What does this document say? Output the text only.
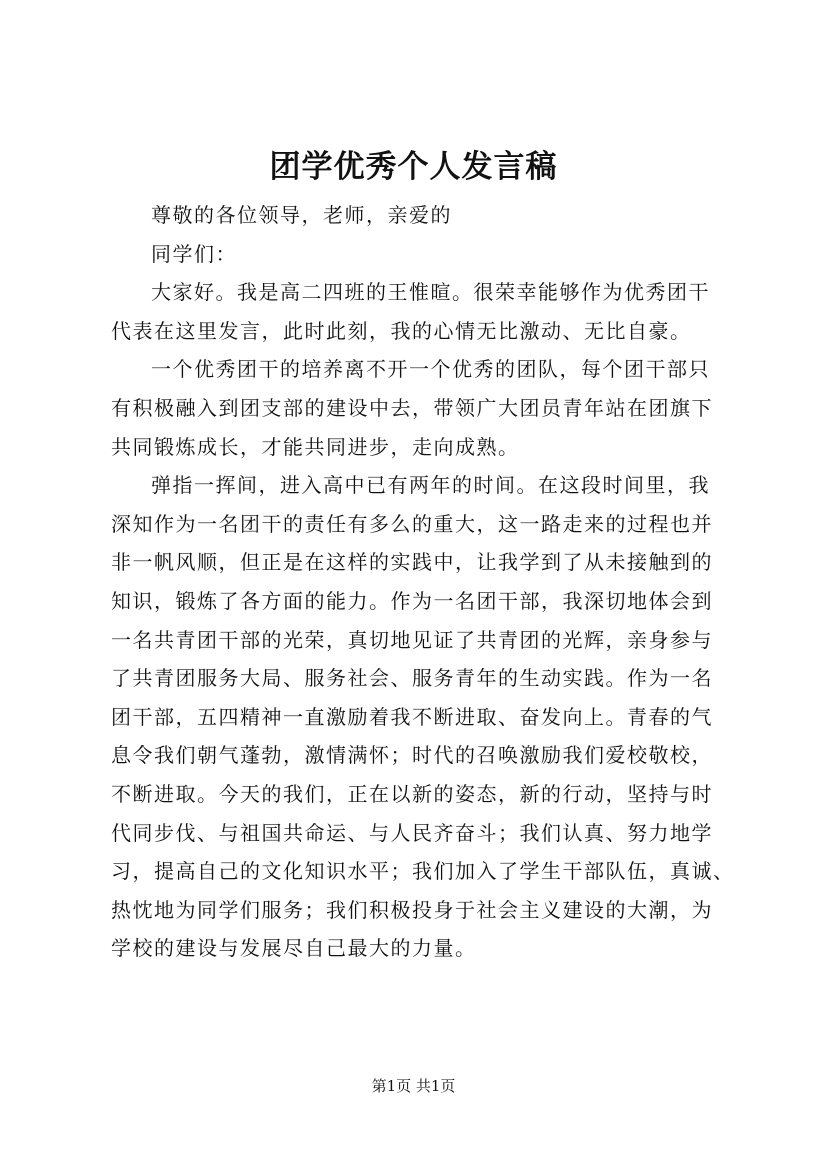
团学优秀个人发言稿

尊敬的各位领导，老师，亲爱的
同学们：

大家好。我是高二四班的王惟暄。很荣幸能够作为优秀团干
代表在这里发言，此时此刻，我的心情无比激动、无比自豪。

一个优秀团干的培养离不开一个优秀的团队，每个团干部只
有积极融入到团支部的建设中去，带领广大团员青年站在团旗下
共同锻炼成长，才能共同进步，走向成熟。

弹指一挥间，进入高中已有两年的时间。在这段时间里，我
深知作为一名团干的责任有多么的重大，这一路走来的过程也并
非一帆风顺，但正是在这样的实践中，让我学到了从未接触到的
知识，锻炼了各方面的能力。作为一名团干部，我深切地体会到
一名共青团干部的光荣，真切地见证了共青团的光辉，亲身参与
了共青团服务大局、服务社会、服务青年的生动实践。作为一名
团干部，五四精神一直激励着我不断进取、奋发向上。青春的气
息令我们朝气蓬勃，激情满怀；时代的召唤激励我们爱校敬校，
不断进取。今天的我们，正在以新的姿态，新的行动，坚持与时
代同步伐、与祖国共命运、与人民齐奋斗；我们认真、努力地学
习，提高自己的文化知识水平；我们加入了学生干部队伍，真诚、
热忱地为同学们服务；我们积极投身于社会主义建设的大潮，为
学校的建设与发展尽自己最大的力量。

第1页 共1页
